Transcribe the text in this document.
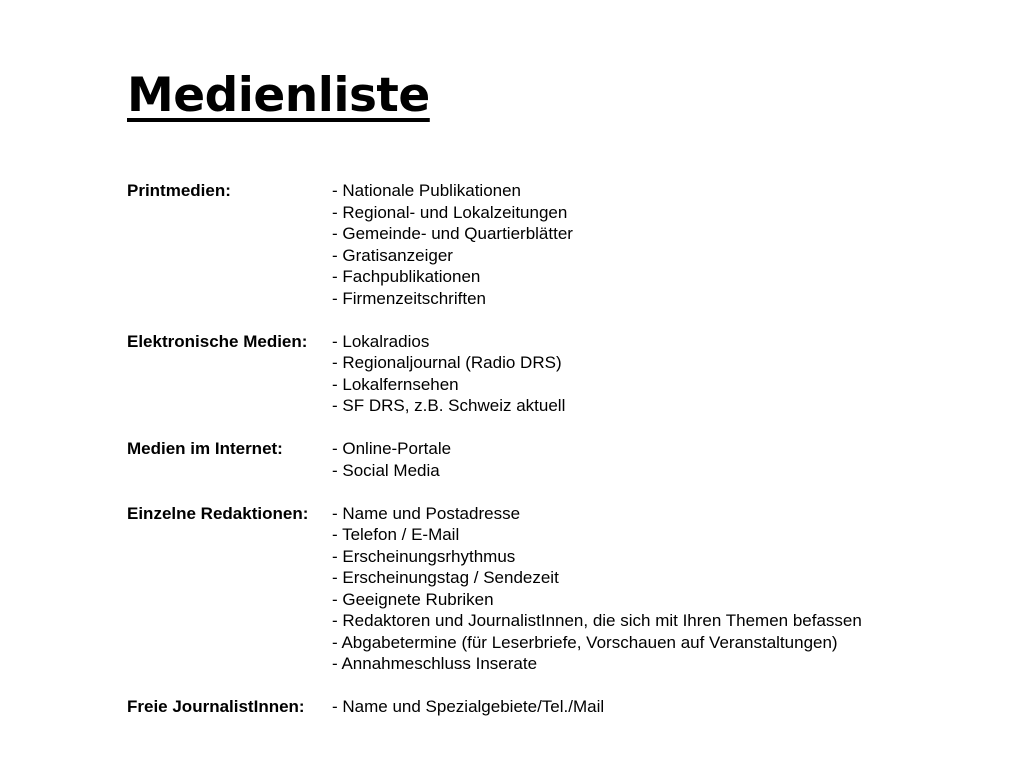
Medienliste
Printmedien:	- Nationale Publikationen
- Regional- und Lokalzeitungen
- Gemeinde- und Quartierblätter
- Gratisanzeiger
- Fachpublikationen
- Firmenzeitschriften
Elektronische Medien:	- Lokalradios
- Regionaljournal (Radio DRS)
- Lokalfernsehen
- SF DRS, z.B. Schweiz aktuell
Medien im Internet:	- Online-Portale
- Social Media
Einzelne Redaktionen:	- Name und Postadresse
- Telefon / E-Mail
- Erscheinungsrhythmus
- Erscheinungstag / Sendezeit
- Geeignete Rubriken
- Redaktoren und JournalistInnen, die sich mit Ihren Themen befassen
- Abgabetermine (für Leserbriefe, Vorschauen auf Veranstaltungen)
- Annahmeschluss Inserate
Freie JournalistInnen:	- Name und Spezialgebiete/Tel./Mail
